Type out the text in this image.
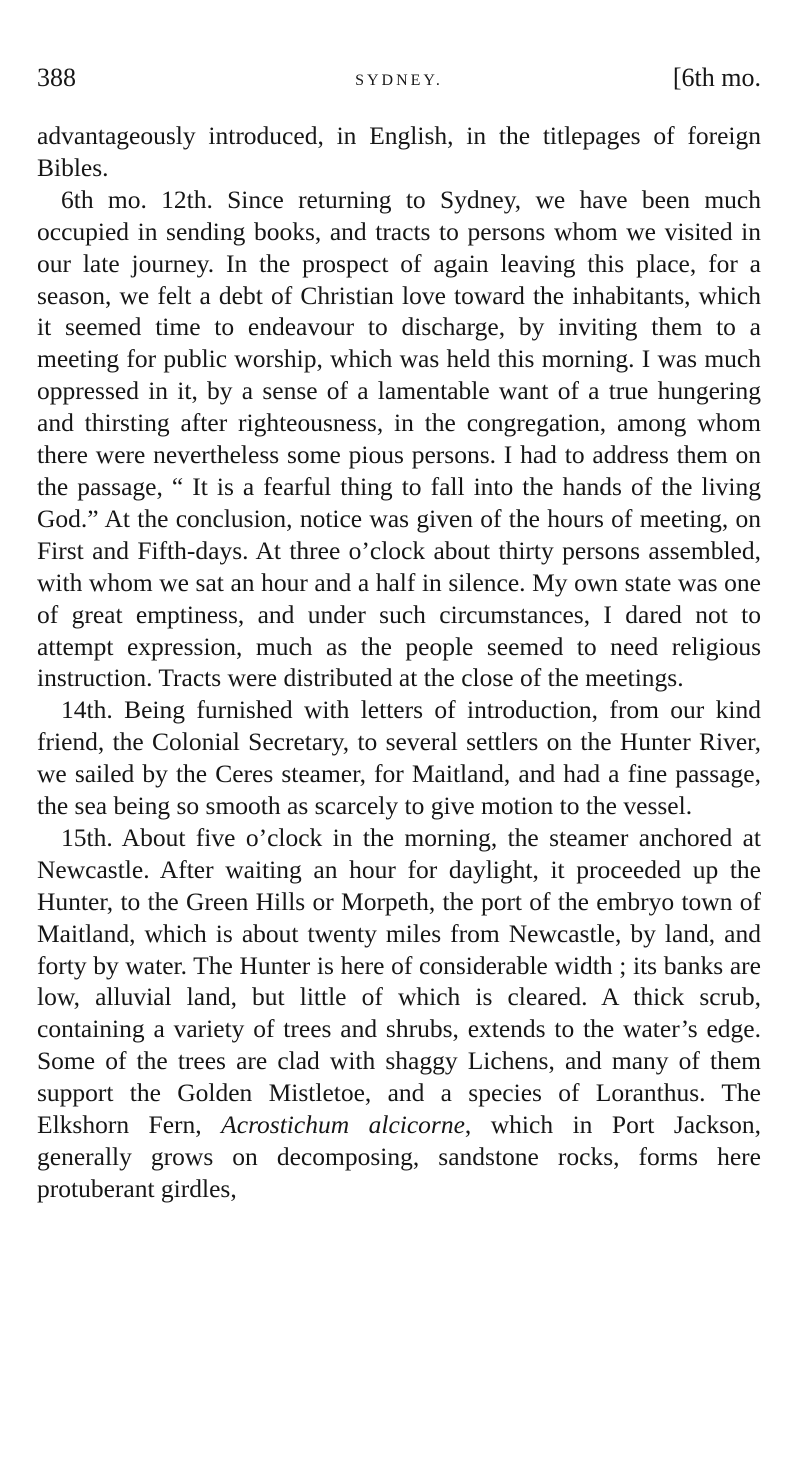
388	SYDNEY.	[6th mo.

advantageously introduced, in English, in the titlepages of foreign Bibles.

6th mo. 12th. Since returning to Sydney, we have been much occupied in sending books, and tracts to persons whom we visited in our late journey. In the prospect of again leaving this place, for a season, we felt a debt of Christian love toward the inhabitants, which it seemed time to endeavour to discharge, by inviting them to a meeting for public worship, which was held this morning. I was much oppressed in it, by a sense of a lamentable want of a true hungering and thirsting after righteousness, in the congregation, among whom there were nevertheless some pious persons. I had to address them on the passage, “ It is a fearful thing to fall into the hands of the living God.” At the conclusion, notice was given of the hours of meeting, on First and Fifth-days. At three o’clock about thirty persons assembled, with whom we sat an hour and a half in silence. My own state was one of great emptiness, and under such circumstances, I dared not to attempt expression, much as the people seemed to need religious instruction. Tracts were distributed at the close of the meetings.

14th. Being furnished with letters of introduction, from our kind friend, the Colonial Secretary, to several settlers on the Hunter River, we sailed by the Ceres steamer, for Maitland, and had a fine passage, the sea being so smooth as scarcely to give motion to the vessel.

15th. About five o’clock in the morning, the steamer anchored at Newcastle. After waiting an hour for daylight, it proceeded up the Hunter, to the Green Hills or Morpeth, the port of the embryo town of Maitland, which is about twenty miles from Newcastle, by land, and forty by water. The Hunter is here of considerable width ; its banks are low, alluvial land, but little of which is cleared. A thick scrub, containing a variety of trees and shrubs, extends to the water’s edge. Some of the trees are clad with shaggy Lichens, and many of them support the Golden Mistletoe, and a species of Loranthus. The Elkshorn Fern, Acrostichum alcicorne, which in Port Jackson, generally grows on decomposing, sandstone rocks, forms here protuberant girdles,
